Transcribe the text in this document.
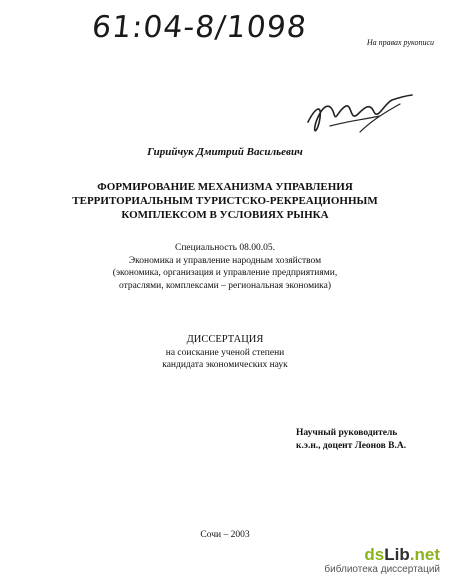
61:04-8/1098	На правах рукописи
Гирийчук Дмитрий Васильевич
ФОРМИРОВАНИЕ МЕХАНИЗМА УПРАВЛЕНИЯ
ТЕРРИТОРИАЛЬНЫМ ТУРИСТСКО-РЕКРЕАЦИОННЫМ
КОМПЛЕКСОМ В УСЛОВИЯХ РЫНКА
Специальность 08.00.05.
Экономика и управление народным хозяйством
(экономика, организация и управление предприятиями,
отраслями, комплексами – региональная экономика)
ДИССЕРТАЦИЯ
на соискание ученой степени
кандидата экономических наук
Научный руководитель
к.э.н., доцент Леонов В.А.
Сочи – 2003
dsLib.net
библиотека диссертаций
